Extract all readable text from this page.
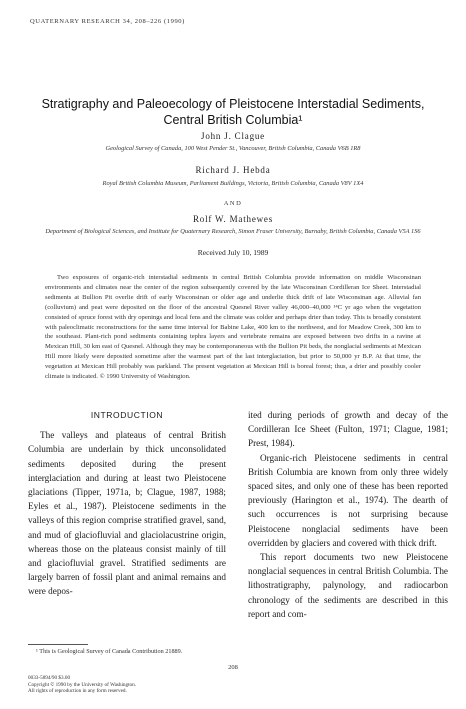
QUATERNARY RESEARCH 34, 208–226 (1990)
Stratigraphy and Paleoecology of Pleistocene Interstadial Sediments, Central British Columbia¹
John J. Clague
Geological Survey of Canada, 100 West Pender St., Vancouver, British Columbia, Canada V6B 1R8
Richard J. Hebda
Royal British Columbia Museum, Parliament Buildings, Victoria, British Columbia, Canada V8V 1X4
AND
Rolf W. Mathewes
Department of Biological Sciences, and Institute for Quaternary Research, Simon Fraser University, Burnaby, British Columbia, Canada V5A 1S6
Received July 10, 1989
Two exposures of organic-rich interstadial sediments in central British Columbia provide information on middle Wisconsinan environments and climates near the center of the region subsequently covered by the late Wisconsinan Cordilleran Ice Sheet. Interstadial sediments at Bullion Pit overlie drift of early Wisconsinan or older age and underlie thick drift of late Wisconsinan age. Alluvial fan (colluvium) and peat were deposited on the floor of the ancestral Quesnel River valley 46,000–40,000 ¹⁴C yr ago when the vegetation consisted of spruce forest with dry openings and local fens and the climate was colder and perhaps drier than today. This is broadly consistent with paleoclimatic reconstructions for the same time interval for Babine Lake, 400 km to the northwest, and for Meadow Creek, 300 km to the southeast. Plant-rich pond sediments containing tephra layers and vertebrate remains are exposed between two drifts in a ravine at Mexican Hill, 30 km east of Quesnel. Although they may be contemporaneous with the Bullion Pit beds, the nonglacial sediments at Mexican Hill more likely were deposited sometime after the warmest part of the last interglaciation, but prior to 50,000 yr B.P. At that time, the vegetation at Mexican Hill probably was parkland. The present vegetation at Mexican Hill is boreal forest; thus, a drier and possibly cooler climate is indicated. © 1990 University of Washington.
INTRODUCTION

The valleys and plateaus of central British Columbia are underlain by thick unconsolidated sediments deposited during the present interglaciation and during at least two Pleistocene glaciations (Tipper, 1971a, b; Clague, 1987, 1988; Eyles et al., 1987). Pleistocene sediments in the valleys of this region comprise stratified gravel, sand, and mud of glaciofluvial and glaciolacustrine origin, whereas those on the plateaus consist mainly of till and glaciofluvial gravel. Stratified sediments are largely barren of fossil plant and animal remains and were depos-

ited during periods of growth and decay of the Cordilleran Ice Sheet (Fulton, 1971; Clague, 1981; Prest, 1984).

Organic-rich Pleistocene sediments in central British Columbia are known from only three widely spaced sites, and only one of these has been reported previously (Harington et al., 1974). The dearth of such occurrences is not surprising because Pleistocene nonglacial sediments have been overridden by glaciers and covered with thick drift.

This report documents two new Pleistocene nonglacial sequences in central British Columbia. The lithostratigraphy, palynology, and radiocarbon chronology of the sediments are described in this report and com-

¹ This is Geological Survey of Canada Contribution 21889.
208
0033-5894/90 $3.00
Copyright © 1990 by the University of Washington.
All rights of reproduction in any form reserved.
